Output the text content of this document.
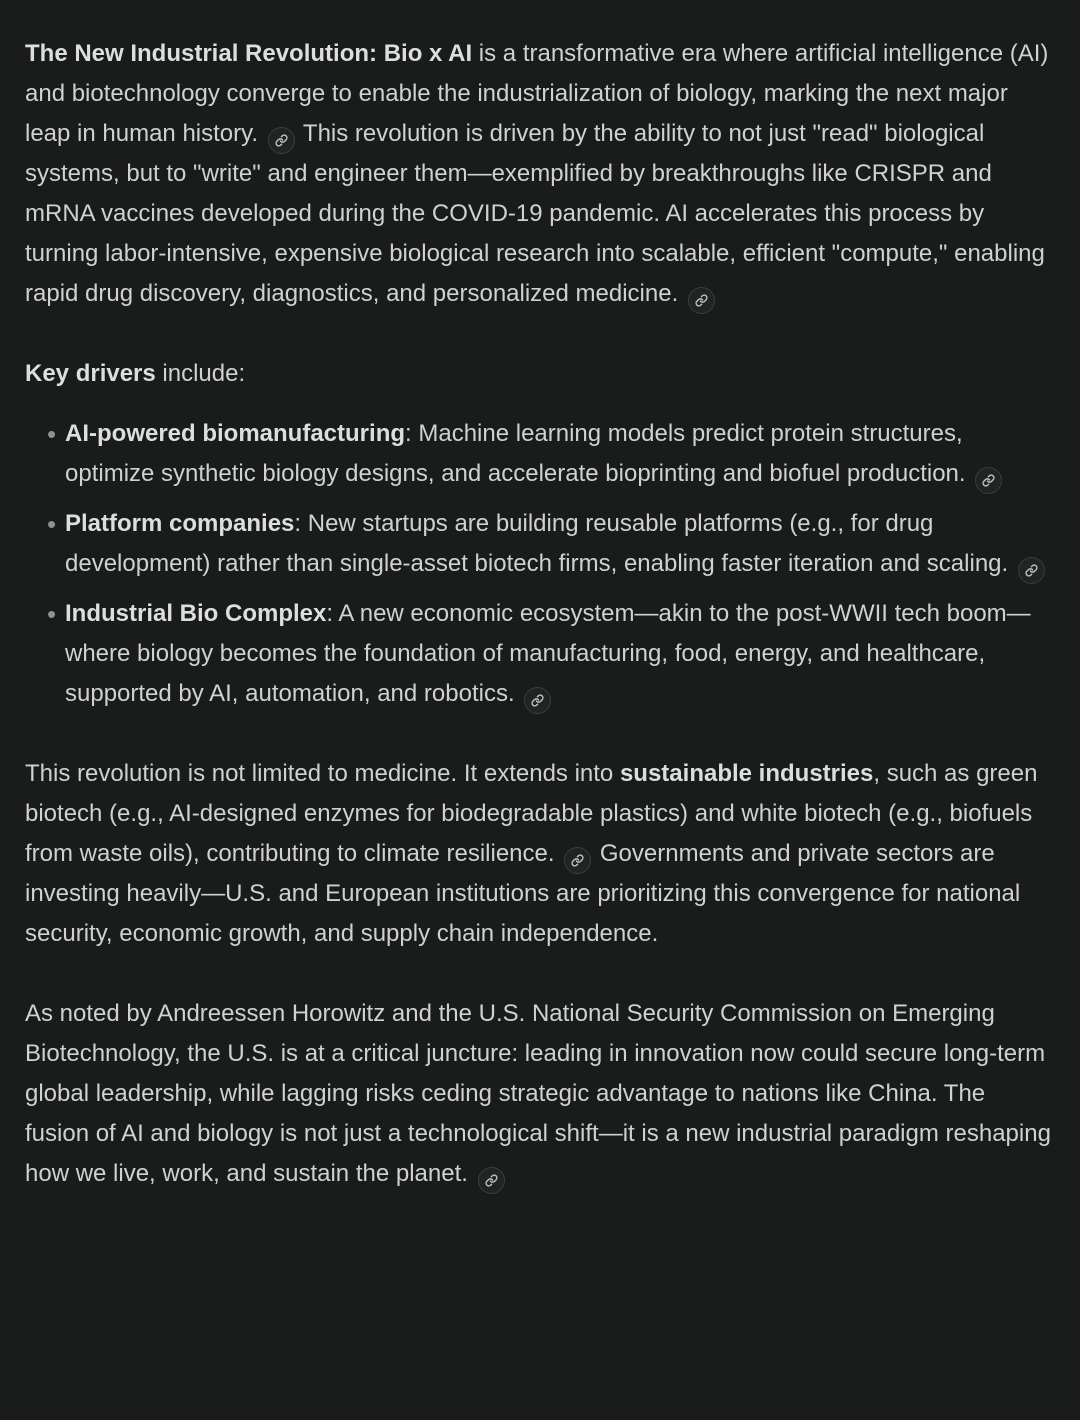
The New Industrial Revolution: Bio x AI is a transformative era where artificial intelligence (AI) and biotechnology converge to enable the industrialization of biology, marking the next major leap in human history.
This revolution is driven by the ability to not just "read" biological systems, but to "write" and engineer them—exemplified by breakthroughs like CRISPR and mRNA vaccines developed during the COVID-19 pandemic. AI accelerates this process by turning labor-intensive, expensive biological research into scalable, efficient "compute," enabling rapid drug discovery, diagnostics, and personalized medicine.

Key drivers include:

• AI-powered biomanufacturing: Machine learning models predict protein structures, optimize synthetic biology designs, and accelerate bioprinting and biofuel production.
• Platform companies: New startups are building reusable platforms (e.g., for drug development) rather than single-asset biotech firms, enabling faster iteration and scaling.
• Industrial Bio Complex: A new economic ecosystem—akin to the post-WWII tech boom—where biology becomes the foundation of manufacturing, food, energy, and healthcare, supported by AI, automation, and robotics.

This revolution is not limited to medicine. It extends into sustainable industries, such as green biotech (e.g., AI-designed enzymes for biodegradable plastics) and white biotech (e.g., biofuels from waste oils), contributing to climate resilience.
Governments and private sectors are investing heavily—U.S. and European institutions are prioritizing this convergence for national security, economic growth, and supply chain independence.

As noted by Andreessen Horowitz and the U.S. National Security Commission on Emerging Biotechnology, the U.S. is at a critical juncture: leading in innovation now could secure long-term global leadership, while lagging risks ceding strategic advantage to nations like China. The fusion of AI and biology is not just a technological shift—it is a new industrial paradigm reshaping how we live, work, and sustain the planet.
